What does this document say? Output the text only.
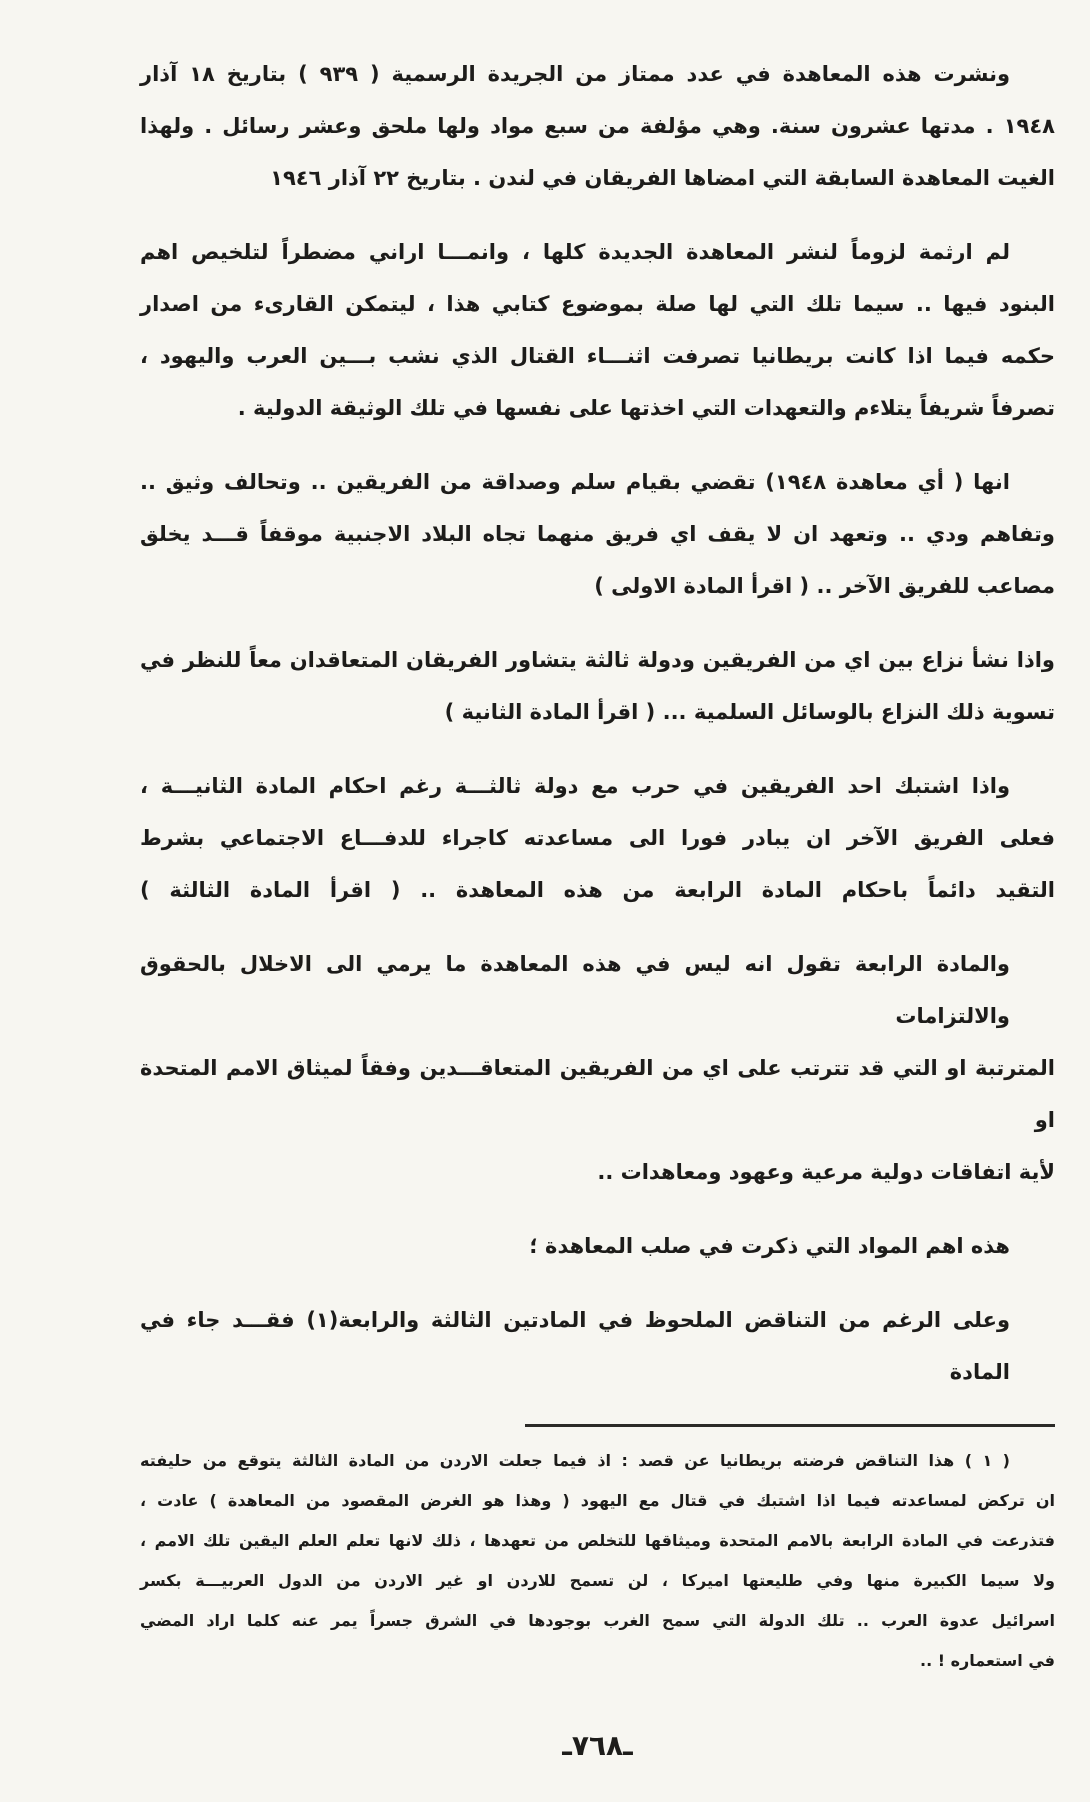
ونشرت هذه المعاهدة في عدد ممتاز من الجريدة الرسمية ( ٩٣٩ ) بتاريخ ١٨ آذار
١٩٤٨ . مدتها عشرون سنة. وهي مؤلفة من سبع مواد ولها ملحق وعشر رسائل . ولهذا
الغيت المعاهدة السابقة التي امضاها الفريقان في لندن . بتاريخ ٢٢ آذار ١٩٤٦
لم ارثمة لزوماً لنشر المعاهدة الجديدة كلها ، وانمـــا اراني مضطراً لتلخيص اهم
البنود فيها .. سيما تلك التي لها صلة بموضوع كتابي هذا ، ليتمكن القارىء من اصدار
حكمه فيما اذا كانت بريطانيا تصرفت اثنـــاء القتال الذي نشب بـــين العرب واليهود ،
تصرفاً شريفاً يتلاءم والتعهدات التي اخذتها على نفسها في تلك الوثيقة الدولية .
انها ( أي معاهدة ١٩٤٨) تقضي بقيام سلم وصداقة من الفريقين .. وتحالف وثيق ..
وتفاهم ودي .. وتعهد ان لا يقف اي فريق منهما تجاه البلاد الاجنبية موقفاً قـــد يخلق
مصاعب للفريق الآخر .. ( اقرأ المادة الاولى )
واذا نشأ نزاع بين اي من الفريقين ودولة ثالثة يتشاور الفريقان المتعاقدان معاً للنظر في
تسوية ذلك النزاع بالوسائل السلمية ... ( اقرأ المادة الثانية )
واذا اشتبك احد الفريقين في حرب مع دولة ثالثـــة رغم احكام المادة الثانيـــة ،
فعلى الفريق الآخر ان يبادر فورا الى مساعدته كاجراء للدفـــاع الاجتماعي بشرط
التقيد دائماً باحكام المادة الرابعة من هذه المعاهدة .. ( اقرأ المادة الثالثة )
والمادة الرابعة تقول انه ليس في هذه المعاهدة ما يرمي الى الاخلال بالحقوق والالتزامات
المترتبة او التي قد تترتب على اي من الفريقين المتعاقـــدين وفقاً لميثاق الامم المتحدة او
لأية اتفاقات دولية مرعية وعهود ومعاهدات ..
هذه اهم المواد التي ذكرت في صلب المعاهدة ؛
وعلى الرغم من التناقض الملحوظ في المادتين الثالثة والرابعة(١) فقـــد جاء في المادة
( ١ ) هذا التناقض فرضته بريطانيا عن قصد : اذ فيما جعلت الاردن من المادة الثالثة يتوقع من حليفته
ان تركض لمساعدته فيما اذا اشتبك في قتال مع اليهود ( وهذا هو الغرض المقصود من المعاهدة ) عادت ،
فتذرعت في المادة الرابعة بالامم المتحدة وميثاقها للتخلص من تعهدها ، ذلك لانها تعلم العلم اليقين تلك الامم ،
ولا سيما الكبيرة منها وفي طليعتها اميركا ، لن تسمح للاردن او غير الاردن من الدول العربيـــة بكسر
اسرائيل عدوة العرب .. تلك الدولة التي سمح الغرب بوجودها في الشرق جسراً يمر عنه كلما اراد المضي
في استعماره ! ..
ـ٧٦٨ـ
